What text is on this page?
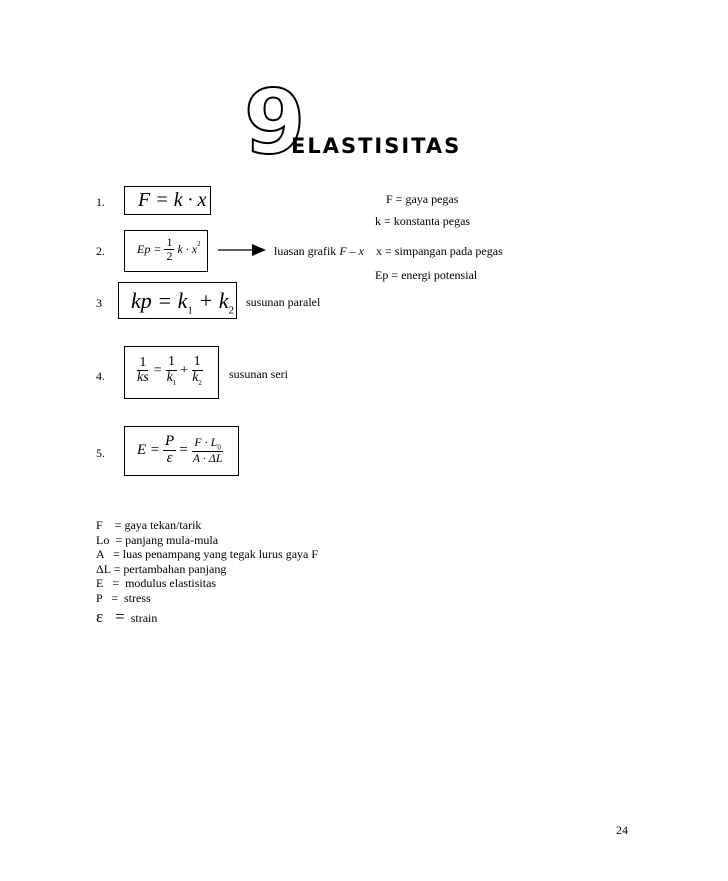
9
ELASTISITAS
1. F = k · x	F = gaya pegas
k = konstanta pegas
x = simpangan pada pegas
Ep = energi potensial
2.	$Ep = \frac{1}{2}$ $k \cdot x^2$	luasan grafik F – x
3 kp = $k_1 + k_2$
susunan paralel
4. $\frac{1}{ks} = \frac{1}{k_1} + \frac{1}{k_2}$ susunan seri
5. $E = \frac{P}{\varepsilon} = \frac{F \cdot L_0}{A \cdot \Delta L}$
F    = gaya tekan/tarik
Lo  = panjang mula-mula
A   = luas penampang yang tegak lurus gaya F
ΔL = pertambahan panjang
E   =  modulus elastisitas
P   =  stress
ε = strain
24
